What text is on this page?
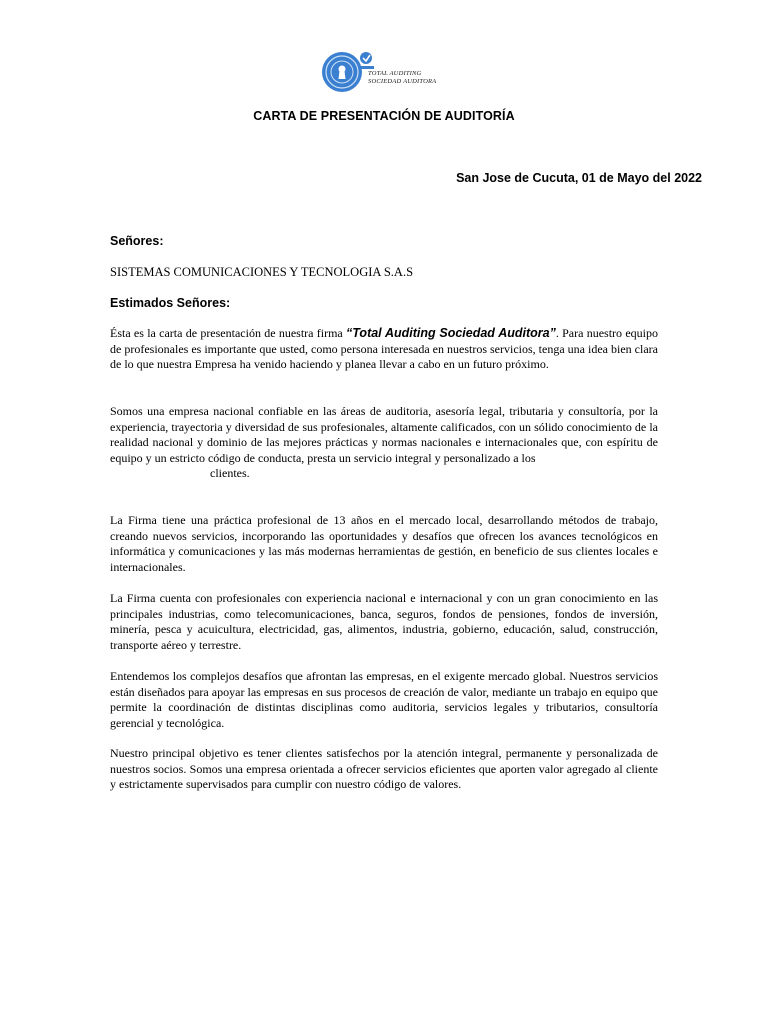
TOTAL AUDITING
SOCIEDAD AUDITORA
CARTA DE PRESENTACIÓN DE AUDITORÍA
San Jose de Cucuta, 01 de Mayo del 2022
Señores:
SISTEMAS COMUNICACIONES Y TECNOLOGIA S.A.S
Estimados Señores:

Ésta es la carta de presentación de nuestra firma “Total Auditing Sociedad Auditora”. Para nuestro equipo de profesionales es importante que usted, como persona interesada en nuestros servicios, tenga una idea bien clara de lo que nuestra Empresa ha venido haciendo y planea llevar a cabo en un futuro próximo.

Somos una empresa nacional confiable en las áreas de auditoria, asesoría legal, tributaria y consultoría, por la experiencia, trayectoria y diversidad de sus profesionales, altamente calificados, con un sólido conocimiento de la realidad nacional y dominio de las mejores prácticas y normas nacionales e internacionales que, con espíritu de equipo y un estricto código de conducta, presta un servicio integral y personalizado a los
clientes.

La Firma tiene una práctica profesional de 13 años en el mercado local, desarrollando métodos de trabajo, creando nuevos servicios, incorporando las oportunidades y desafíos que ofrecen los avances tecnológicos en informática y comunicaciones y las más modernas herramientas de gestión, en beneficio de sus clientes locales e internacionales.

La Firma cuenta con profesionales con experiencia nacional e internacional y con un gran conocimiento en las principales industrias, como telecomunicaciones, banca, seguros, fondos de pensiones, fondos de inversión, minería, pesca y acuicultura, electricidad, gas, alimentos, industria, gobierno, educación, salud, construcción, transporte aéreo y terrestre.

Entendemos los complejos desafíos que afrontan las empresas, en el exigente mercado global. Nuestros servicios están diseñados para apoyar las empresas en sus procesos de creación de valor, mediante un trabajo en equipo que permite la coordinación de distintas disciplinas como auditoria, servicios legales y tributarios, consultoría gerencial y tecnológica.

Nuestro principal objetivo es tener clientes satisfechos por la atención integral, permanente y personalizada de nuestros socios. Somos una empresa orientada a ofrecer servicios eficientes que aporten valor agregado al cliente y estrictamente supervisados para cumplir con nuestro código de valores.
